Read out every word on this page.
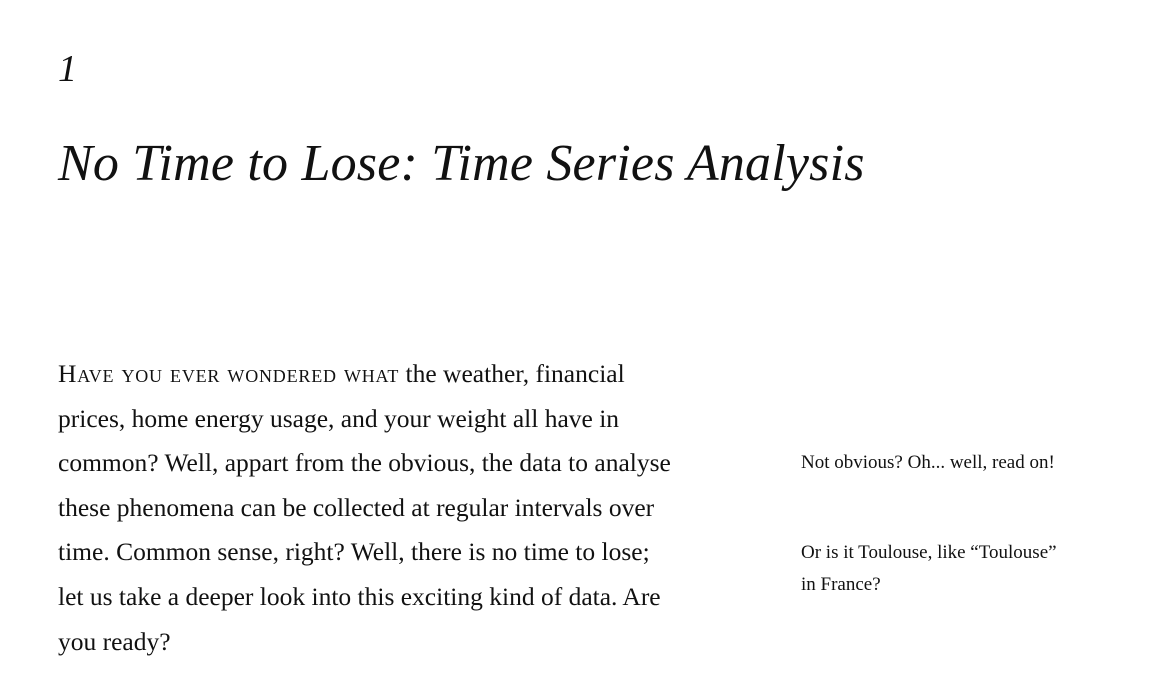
1
No Time to Lose: Time Series Analysis

Have you ever wondered what the weather, financial
prices, home energy usage, and your weight all have in
common? Well, appart from the obvious, the data to analyse
these phenomena can be collected at regular intervals over
time. Common sense, right? Well, there is no time to lose;
let us take a deeper look into this exciting kind of data. Are
you ready?

Not obvious? Oh... well, read on!

Or is it Toulouse, like “Toulouse”
in France?
